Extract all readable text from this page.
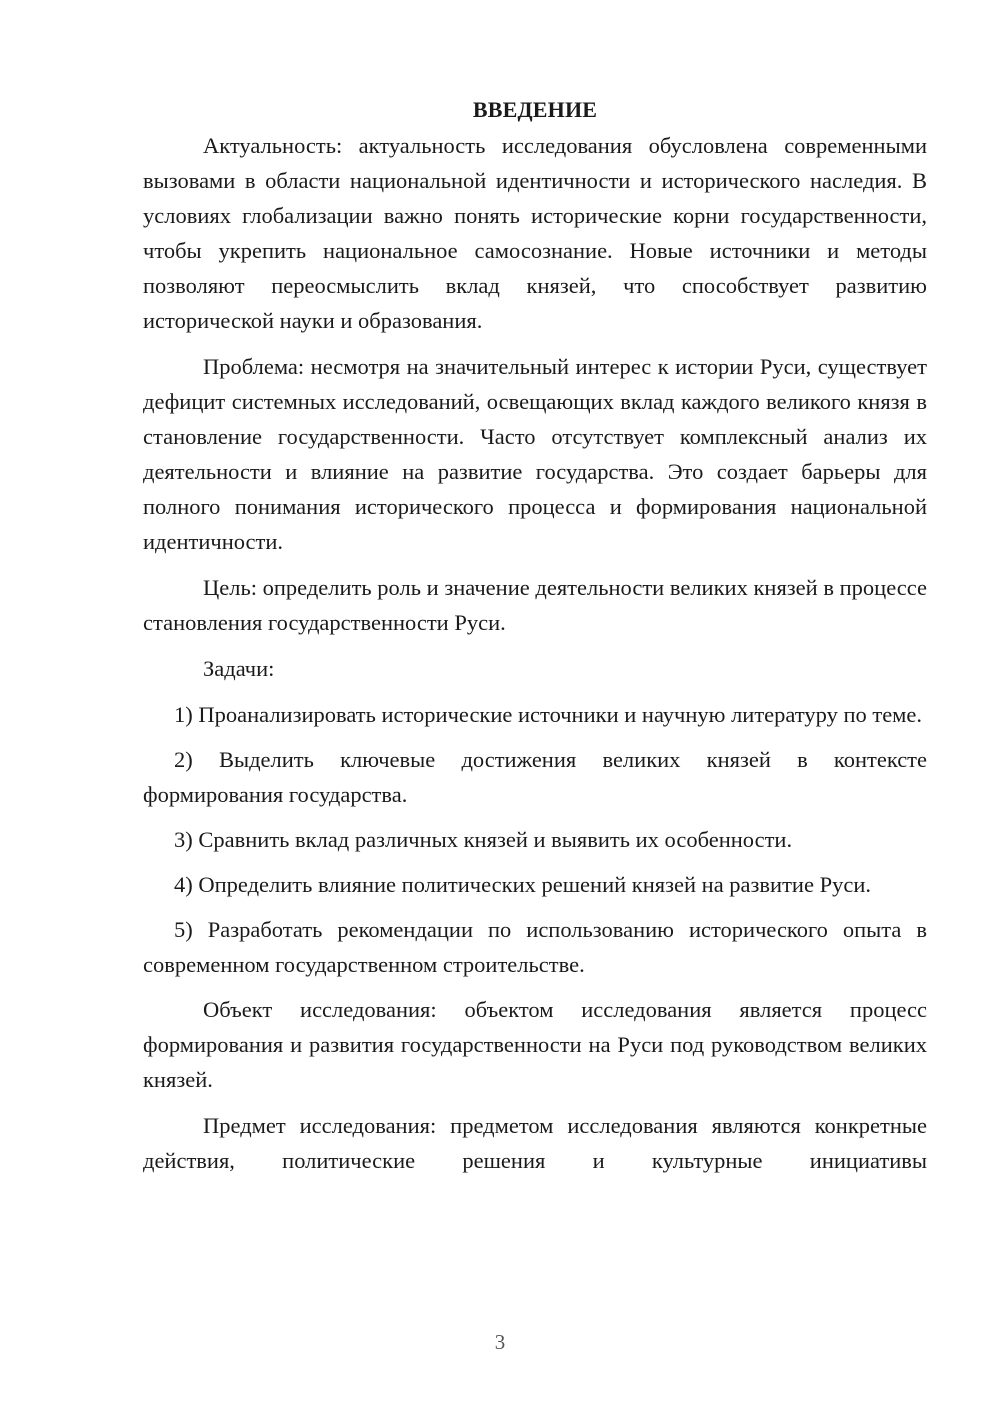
ВВЕДЕНИЕ

Актуальность: актуальность исследования обусловлена современными вызовами в области национальной идентичности и исторического наследия. В условиях глобализации важно понять исторические корни государственности, чтобы укрепить национальное самосознание. Новые источники и методы позволяют переосмыслить вклад князей, что способствует развитию исторической науки и образования.

Проблема: несмотря на значительный интерес к истории Руси, существует дефицит системных исследований, освещающих вклад каждого великого князя в становление государственности. Часто отсутствует комплексный анализ их деятельности и влияние на развитие государства. Это создает барьеры для полного понимания исторического процесса и формирования национальной идентичности.

Цель: определить роль и значение деятельности великих князей в процессе становления государственности Руси.

Задачи:

1) Проанализировать исторические источники и научную литературу по теме.

2) Выделить ключевые достижения великих князей в контексте формирования государства.

3) Сравнить вклад различных князей и выявить их особенности.

4) Определить влияние политических решений князей на развитие Руси.

5) Разработать рекомендации по использованию исторического опыта в современном государственном строительстве.

Объект исследования: объектом исследования является процесс формирования и развития государственности на Руси под руководством великих князей.

Предмет исследования: предметом исследования являются конкретные действия, политические решения и культурные инициативы

3
